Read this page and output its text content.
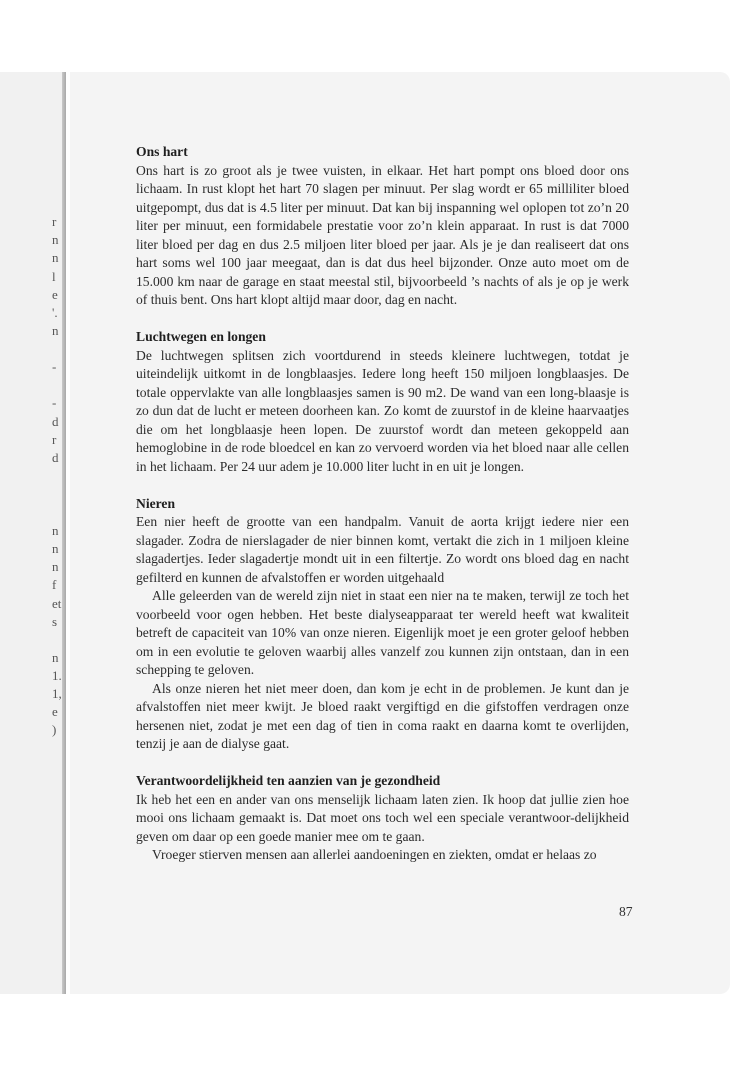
r
n
n
l
e
'.
n
-
-
d
r
d
n
n
n
f
et
s
n
1.
1,
e
)
Ons hart

Ons hart is zo groot als je twee vuisten, in elkaar. Het hart pompt ons bloed door ons lichaam. In rust klopt het hart 70 slagen per minuut. Per slag wordt er 65 milliliter bloed uitgepompt, dus dat is 4.5 liter per minuut. Dat kan bij inspanning wel oplopen tot zo’n 20 liter per minuut, een formidabele prestatie voor zo’n klein apparaat. In rust is dat 7000 liter bloed per dag en dus 2.5 miljoen liter bloed per jaar. Als je je dan realiseert dat ons hart soms wel 100 jaar meegaat, dan is dat dus heel bijzonder. Onze auto moet om de 15.000 km naar de garage en staat meestal stil, bijvoorbeeld ’s nachts of als je op je werk of thuis bent. Ons hart klopt altijd maar door, dag en nacht.

Luchtwegen en longen

De luchtwegen splitsen zich voortdurend in steeds kleinere luchtwegen, totdat je uiteindelijk uitkomt in de longblaasjes. Iedere long heeft 150 miljoen longblaasjes. De totale oppervlakte van alle longblaasjes samen is 90 m2. De wand van een long-blaasje is zo dun dat de lucht er meteen doorheen kan. Zo komt de zuurstof in de kleine haarvaatjes die om het longblaasje heen lopen. De zuurstof wordt dan meteen gekoppeld aan hemoglobine in de rode bloedcel en kan zo vervoerd worden via het bloed naar alle cellen in het lichaam. Per 24 uur adem je 10.000 liter lucht in en uit je longen.

Nieren

Een nier heeft de grootte van een handpalm. Vanuit de aorta krijgt iedere nier een slagader. Zodra de nierslagader de nier binnen komt, vertakt die zich in 1 miljoen kleine slagadertjes. Ieder slagadertje mondt uit in een filtertje. Zo wordt ons bloed dag en nacht gefilterd en kunnen de afvalstoffen er worden uitgehaald

Alle geleerden van de wereld zijn niet in staat een nier na te maken, terwijl ze toch het voorbeeld voor ogen hebben. Het beste dialyseapparaat ter wereld heeft wat kwaliteit betreft de capaciteit van 10% van onze nieren. Eigenlijk moet je een groter geloof hebben om in een evolutie te geloven waarbij alles vanzelf zou kunnen zijn ontstaan, dan in een schepping te geloven.

Als onze nieren het niet meer doen, dan kom je echt in de problemen. Je kunt dan je afvalstoffen niet meer kwijt. Je bloed raakt vergiftigd en die gifstoffen verdragen onze hersenen niet, zodat je met een dag of tien in coma raakt en daarna komt te overlijden, tenzij je aan de dialyse gaat.

Verantwoordelijkheid ten aanzien van je gezondheid

Ik heb het een en ander van ons menselijk lichaam laten zien. Ik hoop dat jullie zien hoe mooi ons lichaam gemaakt is. Dat moet ons toch wel een speciale verantwoor-delijkheid geven om daar op een goede manier mee om te gaan.

Vroeger stierven mensen aan allerlei aandoeningen en ziekten, omdat er helaas zo

87
